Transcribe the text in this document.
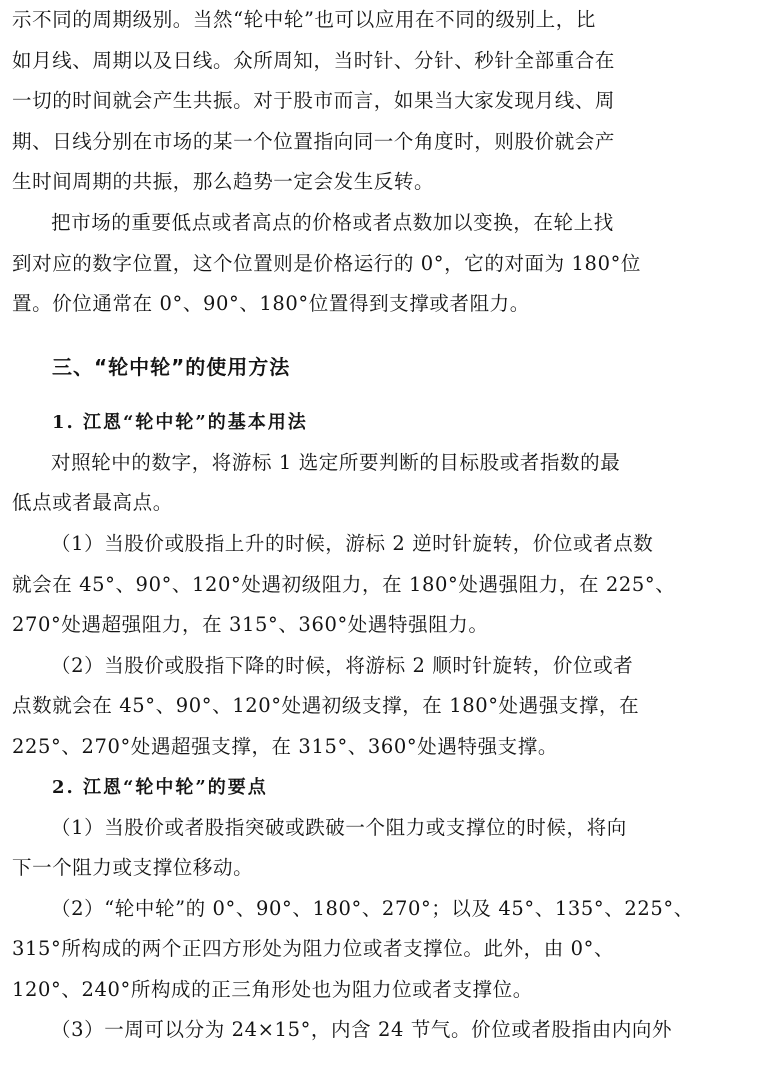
示不同的周期级别。当然“轮中轮”也可以应用在不同的级别上，比
如月线、周期以及日线。众所周知，当时针、分针、秒针全部重合在
一切的时间就会产生共振。对于股市而言，如果当大家发现月线、周
期、日线分别在市场的某一个位置指向同一个角度时，则股价就会产
生时间周期的共振，那么趋势一定会发生反转。

把市场的重要低点或者高点的价格或者点数加以变换，在轮上找
到对应的数字位置，这个位置则是价格运行的 0°，它的对面为 180°位
置。价位通常在 0°、90°、180°位置得到支撑或者阻力。

三、“轮中轮”的使用方法
1. 江恩“轮中轮”的基本用法

对照轮中的数字，将游标 1 选定所要判断的目标股或者指数的最
低点或者最高点。

（1）当股价或股指上升的时候，游标 2 逆时针旋转，价位或者点数
就会在 45°、90°、120°处遇初级阻力，在 180°处遇强阻力，在 225°、
270°处遇超强阻力，在 315°、360°处遇特强阻力。

（2）当股价或股指下降的时候，将游标 2 顺时针旋转，价位或者
点数就会在 45°、90°、120°处遇初级支撑，在 180°处遇强支撑，在
225°、270°处遇超强支撑，在 315°、360°处遇特强支撑。

2. 江恩“轮中轮”的要点

（1）当股价或者股指突破或跌破一个阻力或支撑位的时候，将向
下一个阻力或支撑位移动。

（2）“轮中轮”的 0°、90°、180°、270°；以及 45°、135°、225°、
315°所构成的两个正四方形处为阻力位或者支撑位。此外，由 0°、
120°、240°所构成的正三角形处也为阻力位或者支撑位。

（3）一周可以分为 24×15°，内含 24 节气。价位或者股指由内向外
